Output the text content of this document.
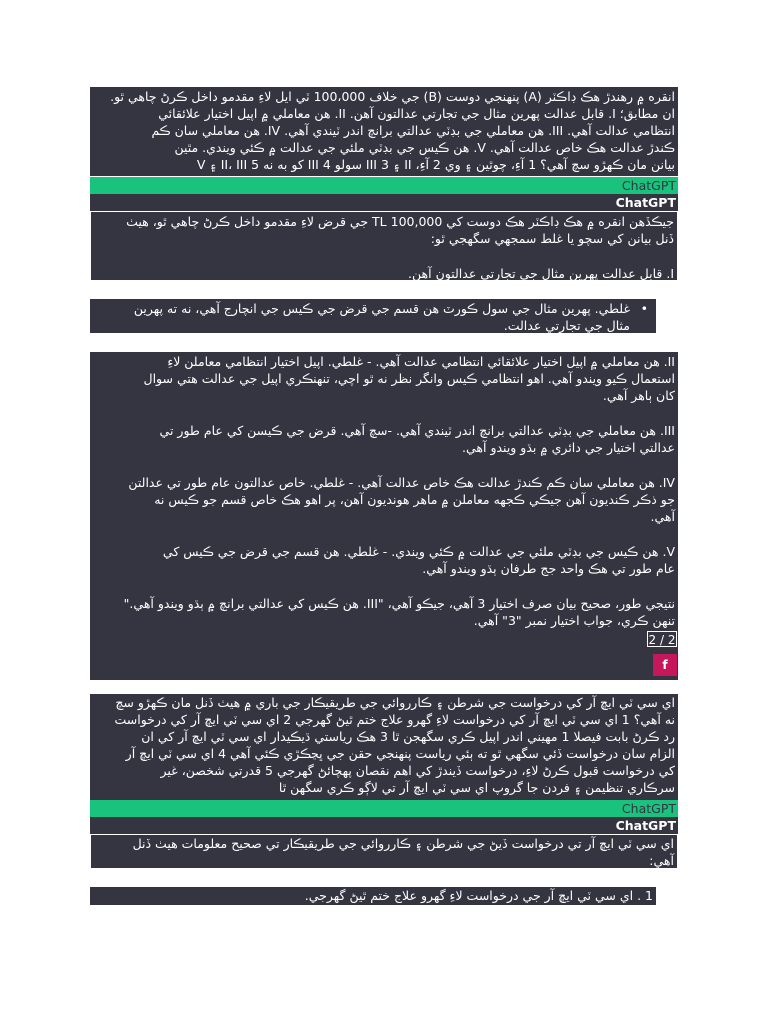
انقره ۾ رهندڙ هڪ ڊاڪٽر (A) پنهنجي دوست (B) جي خلاف 100،000 ٽي ايل لاءِ مقدمو داخل ڪرڻ چاهي ٿو.

ان مطابق؛ I. قابل عدالت پهرين مثال جي تجارتي عدالتون آهن. II. هن معاملي ۾ اپيل اختيار علائقائي

انتظامي عدالت آهي. III. هن معاملي جي بڊٽي عدالتي برانچ اندر ٽيندي آهي. IV. هن معاملي سان ڪم

ڪندڙ عدالت هڪ خاص عدالت آهي. V. هن ڪيس جي بڊٽي ملئي جي عدالت ۾ ڪئي ويندي. مٿين

بيانن مان ڪهڙو سچ آهي؟ 1 آءِ، چوٿين ۽ وي 2 آءِ، II ۽ 3 III سولو 4 III کو به نه 5 II، III ۽ V

ChatGPT
ChatGPT

جيڪڏهن انقره ۾ هڪ ڊاڪٽر هڪ دوست کي 100,000 TL جي قرض لاءِ مقدمو داخل ڪرڻ چاهي ٿو، هيٺ

ڏنل بيانن کي سچو يا غلط سمجهي سگهجي ٿو:

I. قابل عدالت پهرين مثال جي تجارتي عدالتون آهن.

• غلطي. پهرين مثال جي سول ڪورٽ هن قسم جي قرض جي ڪيس جي انچارج آهي، نه ته پهرين
مثال جي تجارتي عدالت.

II. هن معاملي ۾ اپيل اختيار علائقائي انتظامي عدالت آهي. - غلطي. اپيل اختيار انتظامي معاملن لاءِ

استعمال ڪيو ويندو آهي. اهو انتظامي ڪيس وانگر نظر نه ٿو اچي، تنهنڪري اپيل جي عدالت هتي سوال

کان ٻاهر آهي.

III. هن معاملي جي بڊٽي عدالتي برانچ اندر ٽيندي آهي. -سچ آهي. قرض جي ڪيسن کي عام طور تي

عدالتي اختيار جي دائري ۾ بڌو ويندو آهي.

IV. هن معاملي سان ڪم ڪندڙ عدالت هڪ خاص عدالت آهي. - غلطي. خاص عدالتون عام طور تي عدالتن

جو ذڪر ڪنديون آهن جيڪي ڪجهه معاملن ۾ ماهر هونديون آهن، پر اهو هڪ خاص قسم جو ڪيس نه

آهي.

V. هن ڪيس جي بڊٽي ملئي جي عدالت ۾ ڪئي ويندي. - غلطي. هن قسم جي قرض جي ڪيس کي

عام طور تي هڪ واحد جج طرفان ٻڌو ويندو آهي.

نتيجي طور، صحيح بيان صرف اختيار 3 آهي، جيڪو آهي، "III. هن ڪيس کي عدالتي برانچ ۾ ٻڌو ويندو آهي."

تنهن ڪري، جواب اختيار نمبر "3" آهي.

2 / 2
f
تون

اي سي ٽي ايڇ آر کي درخواست جي شرطن ۽ ڪارروائي جي طريقيڪار جي باري ۾ هيٺ ڏنل مان ڪهڙو سچ

نه آهي؟ 1 اي سي ٽي ايڇ آر کي درخواست لاءِ گهرو علاج ختم ٿيڻ گهرجي 2 اي سي ٽي ايڇ آر کي درخواست

رد ڪرڻ بابت فيصلا 1 مهيني اندر اپيل ڪري سگهجن ٿا 3 هڪ رياستي ڌيڪيدار اي سي ٽي ايڇ آر کي ان

الزام سان درخواست ڏئي سگهي ٿو ته ٻئي رياست پنهنجي حقن جي ڀڃڪڙي ڪئي آهي 4 اي سي ٽي ايڇ آر

کي درخواست قبول ڪرڻ لاءِ، درخواست ڏيندڙ کي اهم نقصان پهچائڻ گهرجي 5 قدرتي شخصن، غير

سرڪاري تنظيمن ۽ فردن جا گروپ اي سي ٽي ايڇ آر تي لاڳو ڪري سگهن ٿا

ChatGPT
ChatGPT

اي سي ٽي ايڇ آر تي درخواست ڏيڻ جي شرطن ۽ ڪارروائي جي طريقيڪار تي صحيح معلومات هيٺ ڏنل

آهي:

1 . اي سي ٽي ايڇ آر جي درخواست لاءِ گهرو علاج ختم ٿيڻ گهرجي.
